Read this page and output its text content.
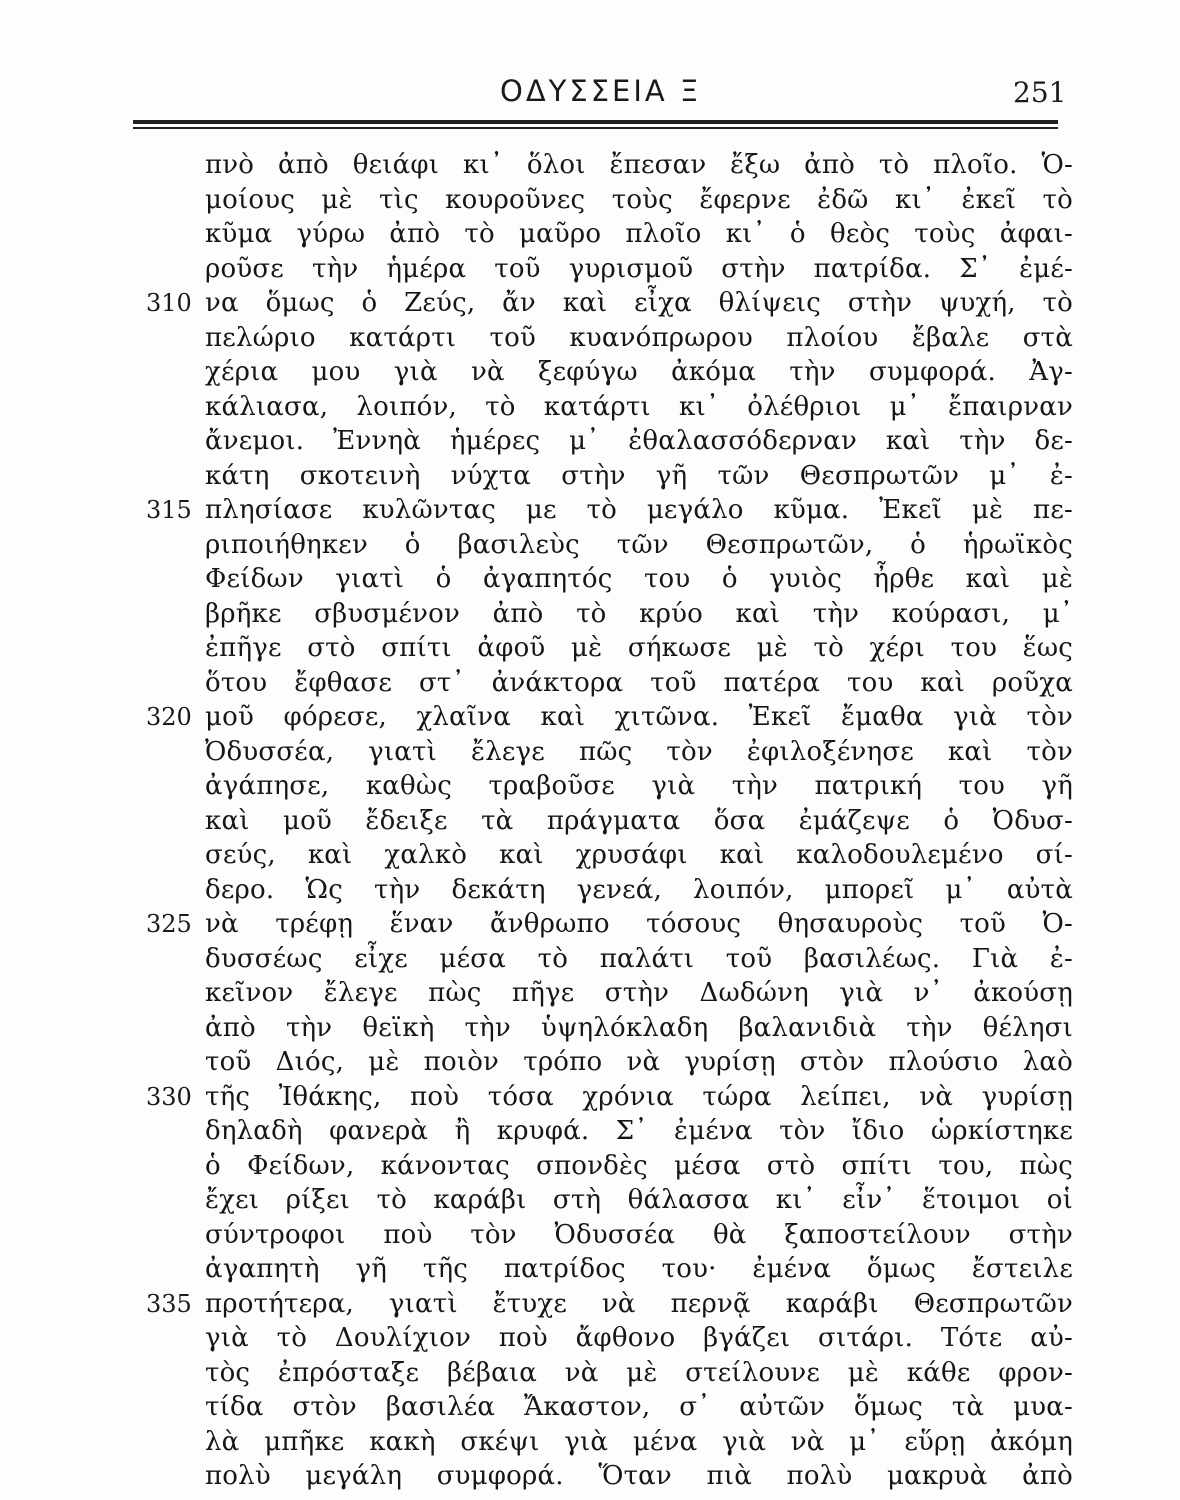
ΟΔΥΣΣΕΙΑ Ξ	251
πνὸ ἀπὸ θειάφι κι᾿ ὅλοι ἔπεσαν ἔξω ἀπὸ τὸ πλοῖο. Ὁ-
μοίους μὲ τὶς κουροῦνες τοὺς ἔφερνε ἐδῶ κι᾿ ἐκεῖ τὸ
κῦμα γύρω ἀπὸ τὸ μαῦρο πλοῖο κι᾿ ὁ θεὸς τοὺς ἀφαι-
ροῦσε τὴν ἡμέρα τοῦ γυρισμοῦ στὴν πατρίδα. Σ᾿ ἐμέ-
310 να ὅμως ὁ Ζεύς, ἄν καὶ εἶχα θλίψεις στὴν ψυχή, τὸ
πελώριο κατάρτι τοῦ κυανόπρωρου πλοίου ἔβαλε στὰ
χέρια μου γιὰ νὰ ξεφύγω ἀκόμα τὴν συμφορά. Ἀγ-
κάλιασα, λοιπόν, τὸ κατάρτι κι᾿ ὀλέθριοι μ᾿ ἔπαιρναν
ἄνεμοι. Ἐννηὰ ἡμέρες μ᾿ ἐθαλασσόδερναν καὶ τὴν δε-
κάτη σκοτεινὴ νύχτα στὴν γῆ τῶν Θεσπρωτῶν μ᾿ ἐ-
315 πλησίασε κυλῶντας με τὸ μεγάλο κῦμα. Ἐκεῖ μὲ πε-
ριποιήθηκεν ὁ βασιλεὺς τῶν Θεσπρωτῶν, ὁ ἡρωϊκὸς
Φείδων γιατὶ ὁ ἀγαπητός του ὁ γυιὸς ἦρθε καὶ μὲ
βρῆκε σβυσμένον ἀπὸ τὸ κρύο καὶ τὴν κούρασι, μ᾿
ἐπῆγε στὸ σπίτι ἀφοῦ μὲ σήκωσε μὲ τὸ χέρι του ἕως
ὅτου ἔφθασε στ᾿ ἀνάκτορα τοῦ πατέρα του καὶ ροῦχα
320 μοῦ φόρεσε, χλαῖνα καὶ χιτῶνα. Ἐκεῖ ἔμαθα γιὰ τὸν
Ὀδυσσέα, γιατὶ ἔλεγε πῶς τὸν ἐφιλοξένησε καὶ τὸν
ἀγάπησε, καθὼς τραβοῦσε γιὰ τὴν πατρική του γῆ
καὶ μοῦ ἔδειξε τὰ πράγματα ὅσα ἐμάζεψε ὁ Ὀδυσ-
σεύς, καὶ χαλκὸ καὶ χρυσάφι καὶ καλοδουλεμένο σί-
δερο. Ὡς τὴν δεκάτη γενεά, λοιπόν, μπορεῖ μ᾿ αὐτὰ
325 νὰ τρέφῃ ἕναν ἄνθρωπο τόσους θησαυροὺς τοῦ Ὀ-
δυσσέως εἶχε μέσα τὸ παλάτι τοῦ βασιλέως. Γιὰ ἐ-
κεῖνον ἔλεγε πὼς πῆγε στὴν Δωδώνη γιὰ ν᾿ ἀκούσῃ
ἀπὸ τὴν θεϊκὴ τὴν ὑψηλόκλαδη βαλανιδιὰ τὴν θέλησι
τοῦ Διός, μὲ ποιὸν τρόπο νὰ γυρίσῃ στὸν πλούσιο λαὸ
330 τῆς Ἰθάκης, ποὺ τόσα χρόνια τώρα λείπει, νὰ γυρίσῃ
δηλαδὴ φανερὰ ἢ κρυφά. Σ᾿ ἐμένα τὸν ἴδιο ὡρκίστηκε
ὁ Φείδων, κάνοντας σπονδὲς μέσα στὸ σπίτι του, πὼς
ἔχει ρίξει τὸ καράβι στὴ θάλασσα κι᾿ εἶν᾿ ἕτοιμοι οἱ
σύντροφοι ποὺ τὸν Ὀδυσσέα θὰ ξαποστείλουν στὴν
ἀγαπητὴ γῆ τῆς πατρίδος του· ἐμένα ὅμως ἔστειλε
335 προτήτερα, γιατὶ ἔτυχε νὰ περνᾷ καράβι Θεσπρωτῶν
γιὰ τὸ Δουλίχιον ποὺ ἄφθονο βγάζει σιτάρι. Τότε αὐ-
τὸς ἐπρόσταξε βέβαια νὰ μὲ στείλουνε μὲ κάθε φρον-
τίδα στὸν βασιλέα Ἄκαστον, σ᾿ αὐτῶν ὅμως τὰ μυα-
λὰ μπῆκε κακὴ σκέψι γιὰ μένα γιὰ νὰ μ᾿ εὕρῃ ἀκόμη
πολὺ μεγάλη συμφορά. Ὅταν πιὰ πολὺ μακρυὰ ἀπὸ
